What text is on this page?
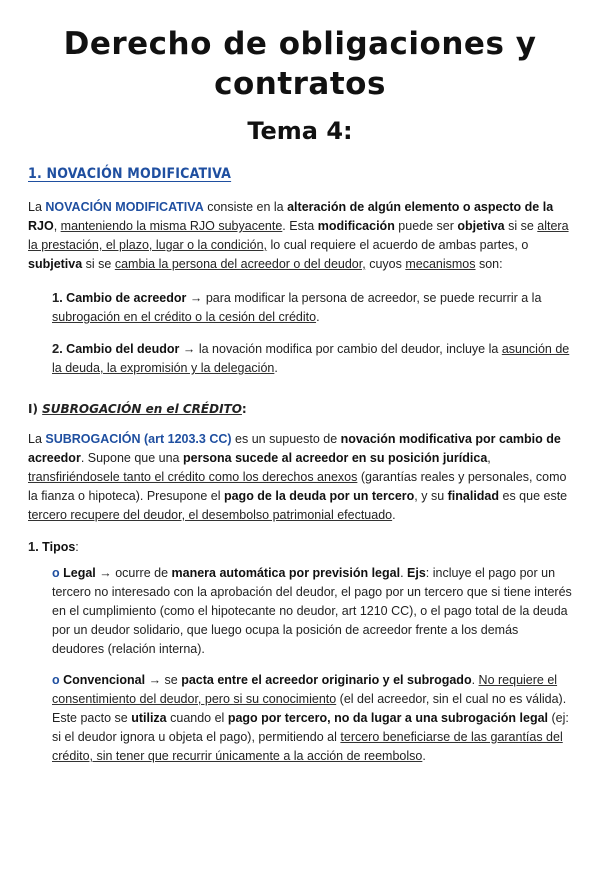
Derecho de obligaciones y contratos
Tema 4:
1. NOVACIÓN MODIFICATIVA

La NOVACIÓN MODIFICATIVA consiste en la alteración de algún elemento o aspecto de la RJO, manteniendo la misma RJO subyacente. Esta modificación puede ser objetiva si se altera la prestación, el plazo, lugar o la condición, lo cual requiere el acuerdo de ambas partes, o subjetiva si se cambia la persona del acreedor o del deudor, cuyos mecanismos son:

1. Cambio de acreedor → para modificar la persona de acreedor, se puede recurrir a la subrogación en el crédito o la cesión del crédito.
2. Cambio del deudor → la novación modifica por cambio del deudor, incluye la asunción de la deuda, la expromisión y la delegación.
I) SUBROGACIÓN en el CRÉDITO:

La SUBROGACIÓN (art 1203.3 CC) es un supuesto de novación modificativa por cambio de acreedor. Supone que una persona sucede al acreedor en su posición jurídica, transfiriéndosele tanto el crédito como los derechos anexos (garantías reales y personales, como la fianza o hipoteca). Presupone el pago de la deuda por un tercero, y su finalidad es que este tercero recupere del deudor, el desembolso patrimonial efectuado.

1. Tipos:
o Legal → ocurre de manera automática por previsión legal. Ejs: incluye el pago por un tercero no interesado con la aprobación del deudor, el pago por un tercero que si tiene interés en el cumplimiento (como el hipotecante no deudor, art 1210 CC), o el pago total de la deuda por un deudor solidario, que luego ocupa la posición de acreedor frente a los demás deudores (relación interna).
o Convencional → se pacta entre el acreedor originario y el subrogado. No requiere el consentimiento del deudor, pero si su conocimiento (el del acreedor, sin el cual no es válida). Este pacto se utiliza cuando el pago por tercero, no da lugar a una subrogación legal (ej: si el deudor ignora u objeta el pago), permitiendo al tercero beneficiarse de las garantías del crédito, sin tener que recurrir únicamente a la acción de reembolso.
